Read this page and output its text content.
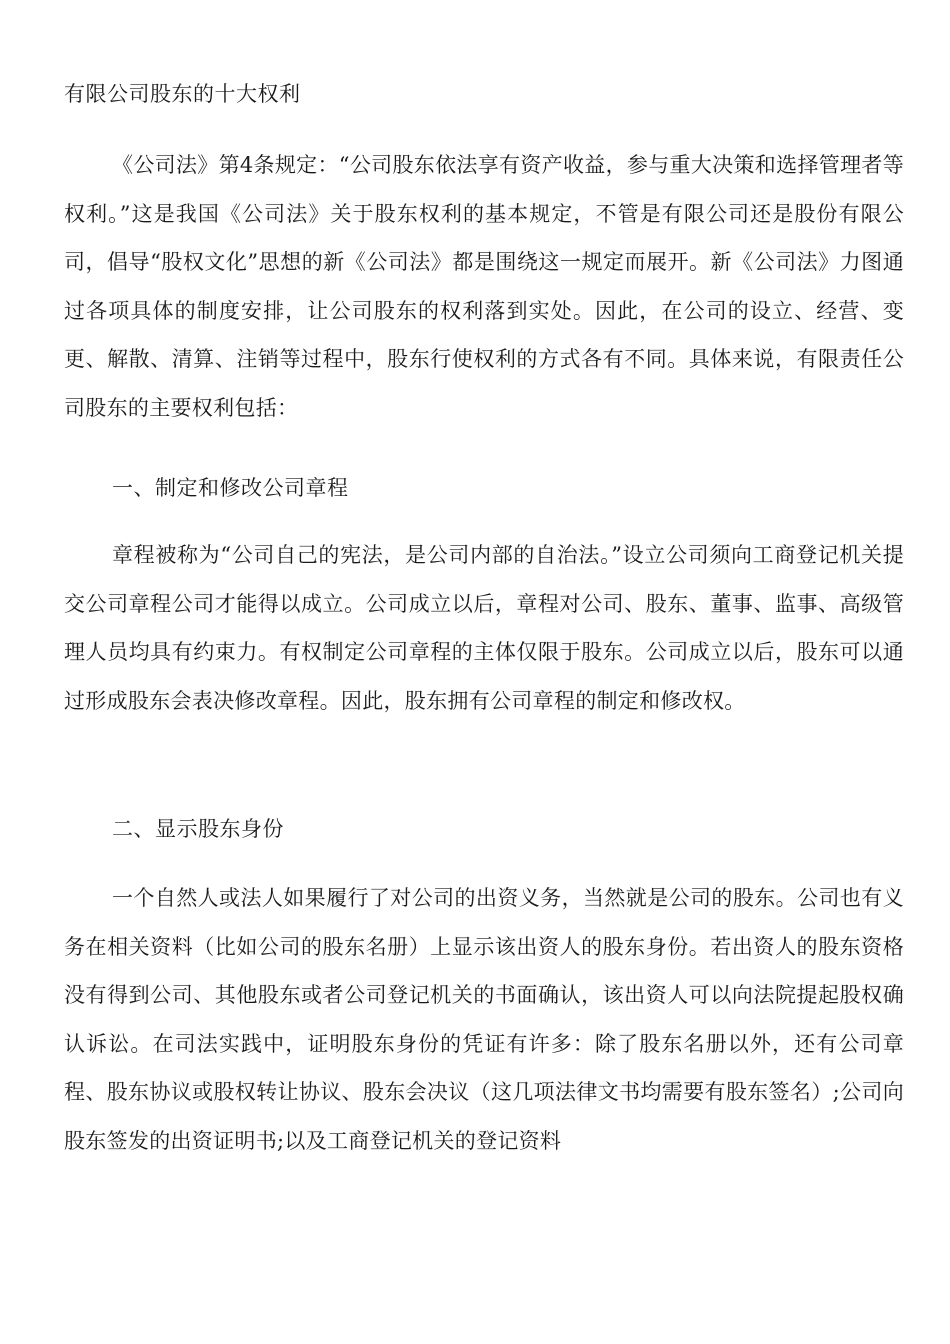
有限公司股东的十大权利

《公司法》第4条规定：“公司股东依法享有资产收益，参与重大决策和选择管理者等权利。”这是我国《公司法》关于股东权利的基本规定，不管是有限公司还是股份有限公司，倡导“股权文化”思想的新《公司法》都是围绕这一规定而展开。新《公司法》力图通过各项具体的制度安排，让公司股东的权利落到实处。因此，在公司的设立、经营、变更、解散、清算、注销等过程中，股东行使权利的方式各有不同。具体来说，有限责任公司股东的主要权利包括：

一、制定和修改公司章程

章程被称为“公司自己的宪法，是公司内部的自治法。”设立公司须向工商登记机关提交公司章程公司才能得以成立。公司成立以后，章程对公司、股东、董事、监事、高级管理人员均具有约束力。有权制定公司章程的主体仅限于股东。公司成立以后，股东可以通过形成股东会表决修改章程。因此，股东拥有公司章程的制定和修改权。

二、显示股东身份

一个自然人或法人如果履行了对公司的出资义务，当然就是公司的股东。公司也有义务在相关资料（比如公司的股东名册）上显示该出资人的股东身份。若出资人的股东资格没有得到公司、其他股东或者公司登记机关的书面确认，该出资人可以向法院提起股权确认诉讼。在司法实践中，证明股东身份的凭证有许多：除了股东名册以外，还有公司章程、股东协议或股权转让协议、股东会决议（这几项法律文书均需要有股东签名）;公司向股东签发的出资证明书;以及工商登记机关的登记资料
